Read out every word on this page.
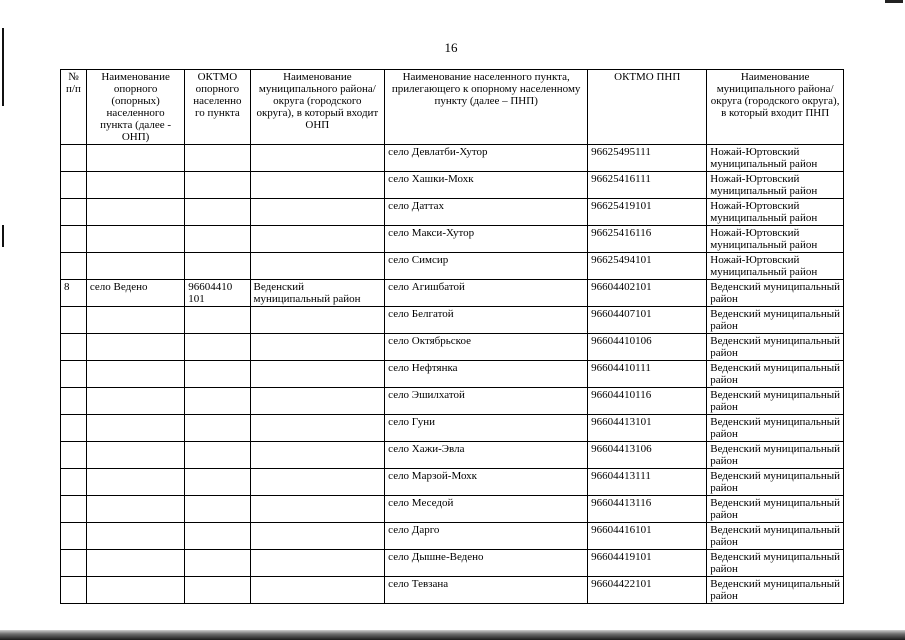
16
№ п/п	Наименование опорного (опорных) населенного пункта (далее - ОНП)	ОКТМО опорного населенно го пункта	Наименование муниципального района/округа (городского округа), в который входит ОНП	Наименование населенного пункта, прилегающего к опорному населенному пункту (далее – ПНП)	ОКТМО ПНП	Наименование муниципального района/округа (городского округа), в который входит ПНП
				село Девлатби-Хутор	96625495111	Ножай-Юртовский муниципальный район
				село Хашки-Мохк	96625416111	Ножай-Юртовский муниципальный район
				село Даттах	96625419101	Ножай-Юртовский муниципальный район
				село Макси-Хутор	96625416116	Ножай-Юртовский муниципальный район
				село Симсир	96625494101	Ножай-Юртовский муниципальный район
8	село Ведено	96604410 101	Веденский муниципальный район	село Агишбатой	96604402101	Веденский муниципальный район
				село Белгатой	96604407101	Веденский муниципальный район
				село Октябрьское	96604410106	Веденский муниципальный район
				село Нефтянка	96604410111	Веденский муниципальный район
				село Эшилхатой	96604410116	Веденский муниципальный район
				село Гуни	96604413101	Веденский муниципальный район
				село Хажи-Эвла	96604413106	Веденский муниципальный район
				село Марзой-Мохк	96604413111	Веденский муниципальный район
				село Меседой	96604413116	Веденский муниципальный район
				село Дарго	96604416101	Веденский муниципальный район
				село Дышне-Ведено	96604419101	Веденский муниципальный район
				село Тевзана	96604422101	Веденский муниципальный район
